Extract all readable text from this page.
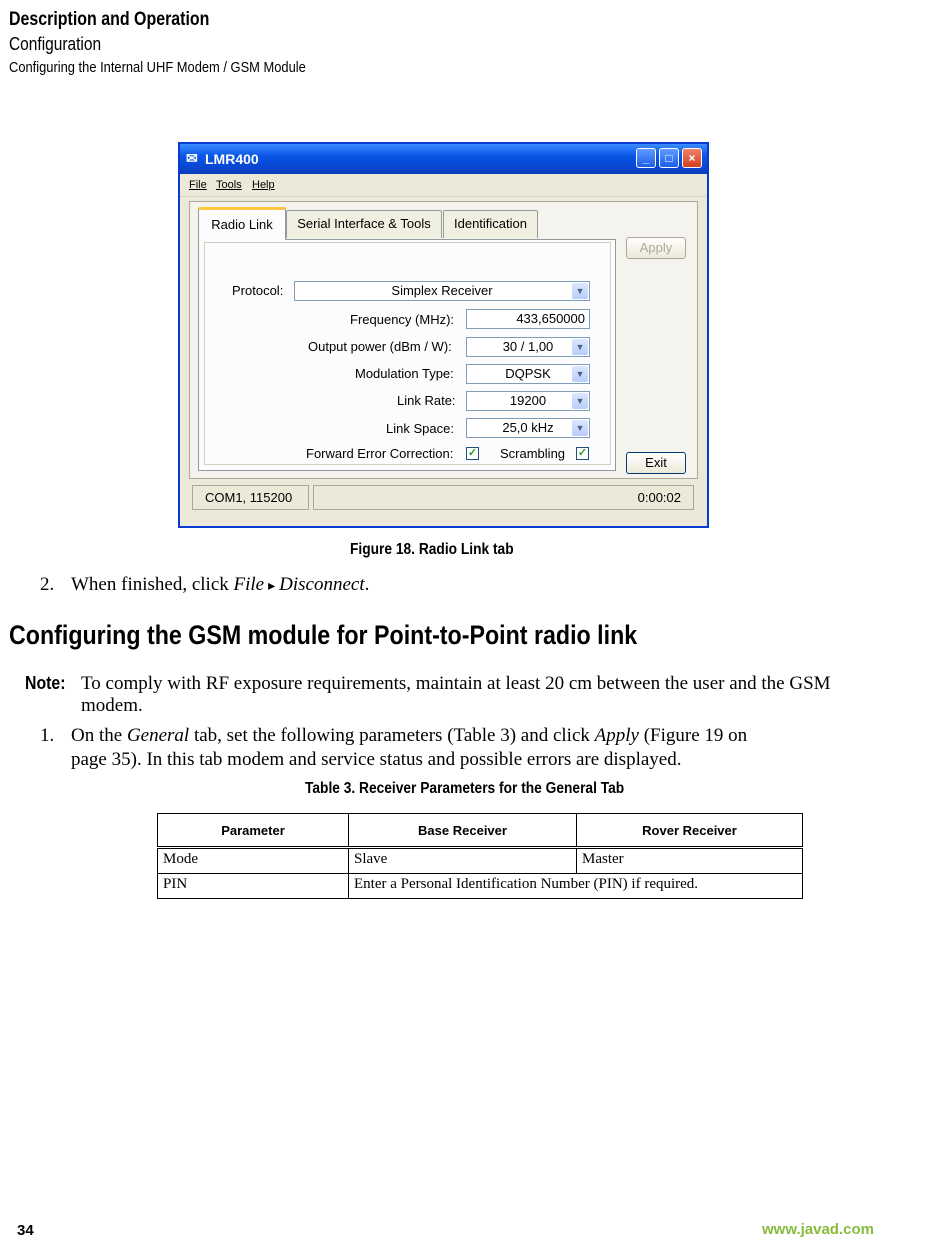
Description and Operation
Configuration
Configuring the Internal UHF Modem / GSM Module
✉ LMR400	_	□	×
File Tools Help
Radio Link	Serial Interface & Tools	Identification
Protocol:	Simplex Receiver	▼
Frequency (MHz):	433,650000
Output power (dBm / W):	30 / 1,00	▼
Modulation Type:	DQPSK	▼
Link Rate:	19200	▼
Link Space:	25,0 kHz	▼
Forward Error Correction: ✓ Scrambling ✓
Apply
Exit
COM1, 115200	0:00:02
Figure 18. Radio Link tab
2. When finished, click File ▸ Disconnect.
Configuring the GSM module for Point-to-Point radio link
Note: To comply with RF exposure requirements, maintain at least 20 cm between the user and the GSM
modem.
1. On the General tab, set the following parameters (Table 3) and click Apply (Figure 19 on
page 35). In this tab modem and service status and possible errors are displayed.
Table 3. Receiver Parameters for the General Tab
Parameter	Base Receiver	Rover Receiver
Mode	Slave	Master
PIN	Enter a Personal Identification Number (PIN) if required.	
34	www.javad.com
